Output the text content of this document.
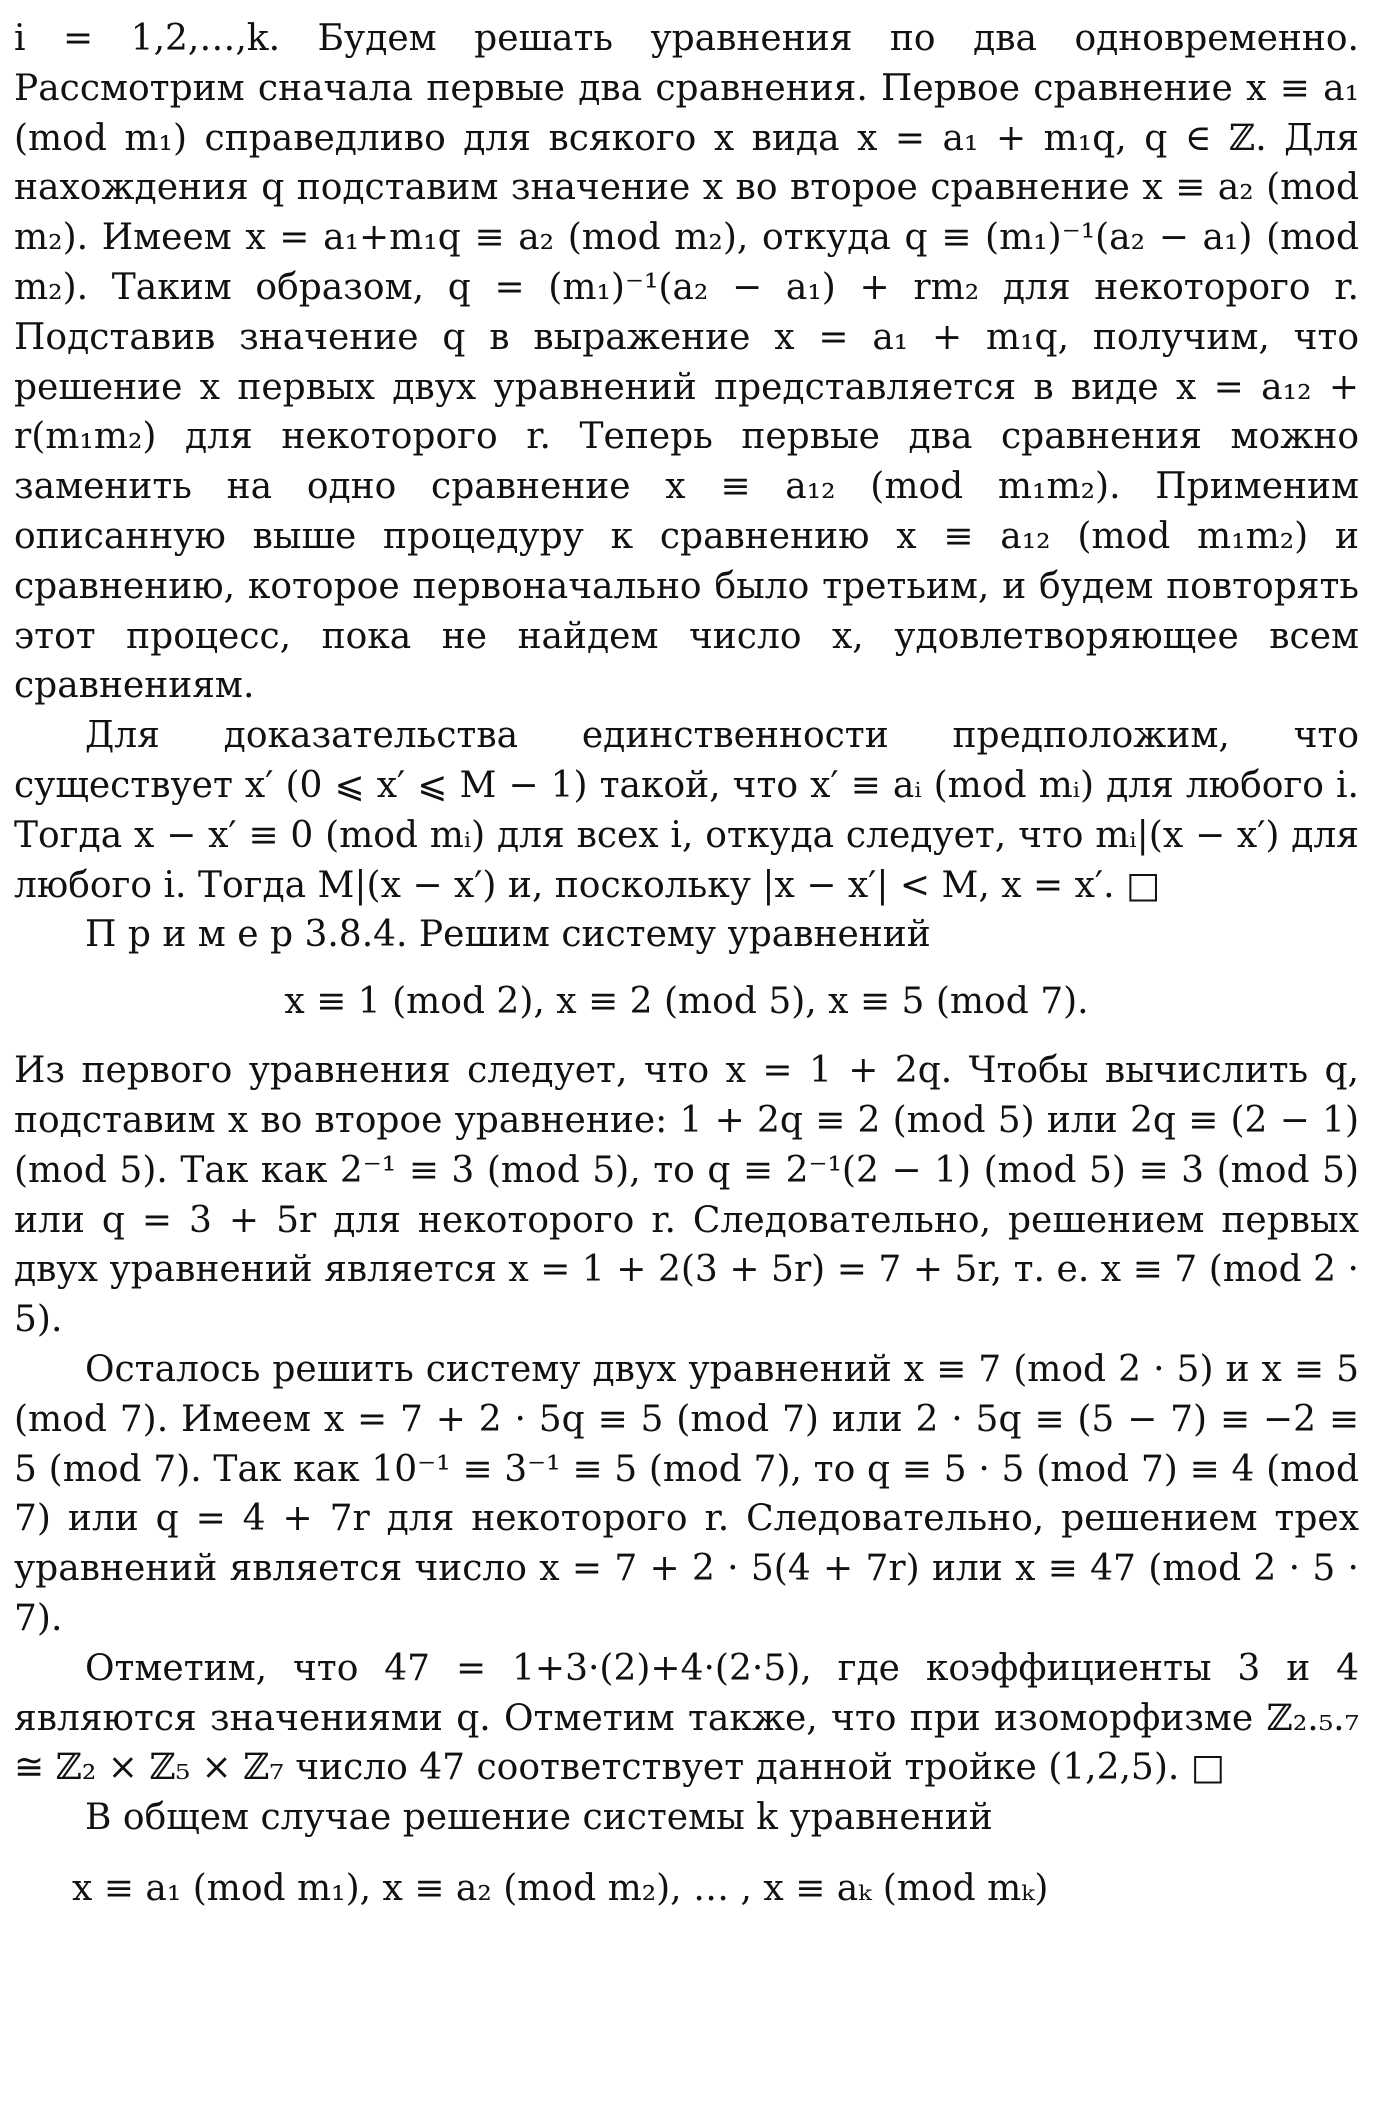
i = 1,2,…,k. Будем решать уравнения по два одновременно. Рассмотрим сначала первые два сравнения. Первое сравнение x ≡ a₁ (mod m₁) справедливо для всякого x вида x = a₁ + m₁q, q ∈ ℤ. Для нахождения q подставим значение x во второе сравнение x ≡ a₂ (mod m₂). Имеем x = a₁+m₁q ≡ a₂ (mod m₂), откуда q ≡ (m₁)⁻¹(a₂ − a₁) (mod m₂). Таким образом, q = (m₁)⁻¹(a₂ − a₁) + rm₂ для некоторого r. Подставив значение q в выражение x = a₁ + m₁q, получим, что решение x первых двух уравнений представляется в виде x = a₁₂ + r(m₁m₂) для некоторого r. Теперь первые два сравнения можно заменить на одно сравнение x ≡ a₁₂ (mod m₁m₂). Применим описанную выше процедуру к сравнению x ≡ a₁₂ (mod m₁m₂) и сравнению, которое первоначально было третьим, и будем повторять этот процесс, пока не найдем число x, удовлетворяющее всем сравнениям.

Для доказательства единственности предположим, что существует x′ (0 ⩽ x′ ⩽ M − 1) такой, что x′ ≡ aᵢ (mod mᵢ) для любого i. Тогда x − x′ ≡ 0 (mod mᵢ) для всех i, откуда следует, что mᵢ|(x − x′) для любого i. Тогда M|(x − x′) и, поскольку |x − x′| < M, x = x′. □

П р и м е р 3.8.4. Решим систему уравнений

x ≡ 1 (mod 2), x ≡ 2 (mod 5), x ≡ 5 (mod 7).

Из первого уравнения следует, что x = 1 + 2q. Чтобы вычислить q, подставим x во второе уравнение: 1 + 2q ≡ 2 (mod 5) или 2q ≡ (2 − 1) (mod 5). Так как 2⁻¹ ≡ 3 (mod 5), то q ≡ 2⁻¹(2 − 1) (mod 5) ≡ 3 (mod 5) или q = 3 + 5r для некоторого r. Следовательно, решением первых двух уравнений является x = 1 + 2(3 + 5r) = 7 + 5r, т. е. x ≡ 7 (mod 2 · 5).

Осталось решить систему двух уравнений x ≡ 7 (mod 2 · 5) и x ≡ 5 (mod 7). Имеем x = 7 + 2 · 5q ≡ 5 (mod 7) или 2 · 5q ≡ (5 − 7) ≡ −2 ≡ 5 (mod 7). Так как 10⁻¹ ≡ 3⁻¹ ≡ 5 (mod 7), то q ≡ 5 · 5 (mod 7) ≡ 4 (mod 7) или q = 4 + 7r для некоторого r. Следовательно, решением трех уравнений является число x = 7 + 2 · 5(4 + 7r) или x ≡ 47 (mod 2 · 5 · 7).

Отметим, что 47 = 1+3·(2)+4·(2·5), где коэффициенты 3 и 4 являются значениями q. Отметим также, что при изоморфизме ℤ₂.₅.₇ ≅ ℤ₂ × ℤ₅ × ℤ₇ число 47 соответствует данной тройке (1,2,5). □

В общем случае решение системы k уравнений

x ≡ a₁ (mod m₁), x ≡ a₂ (mod m₂), … , x ≡ aₖ (mod mₖ)
